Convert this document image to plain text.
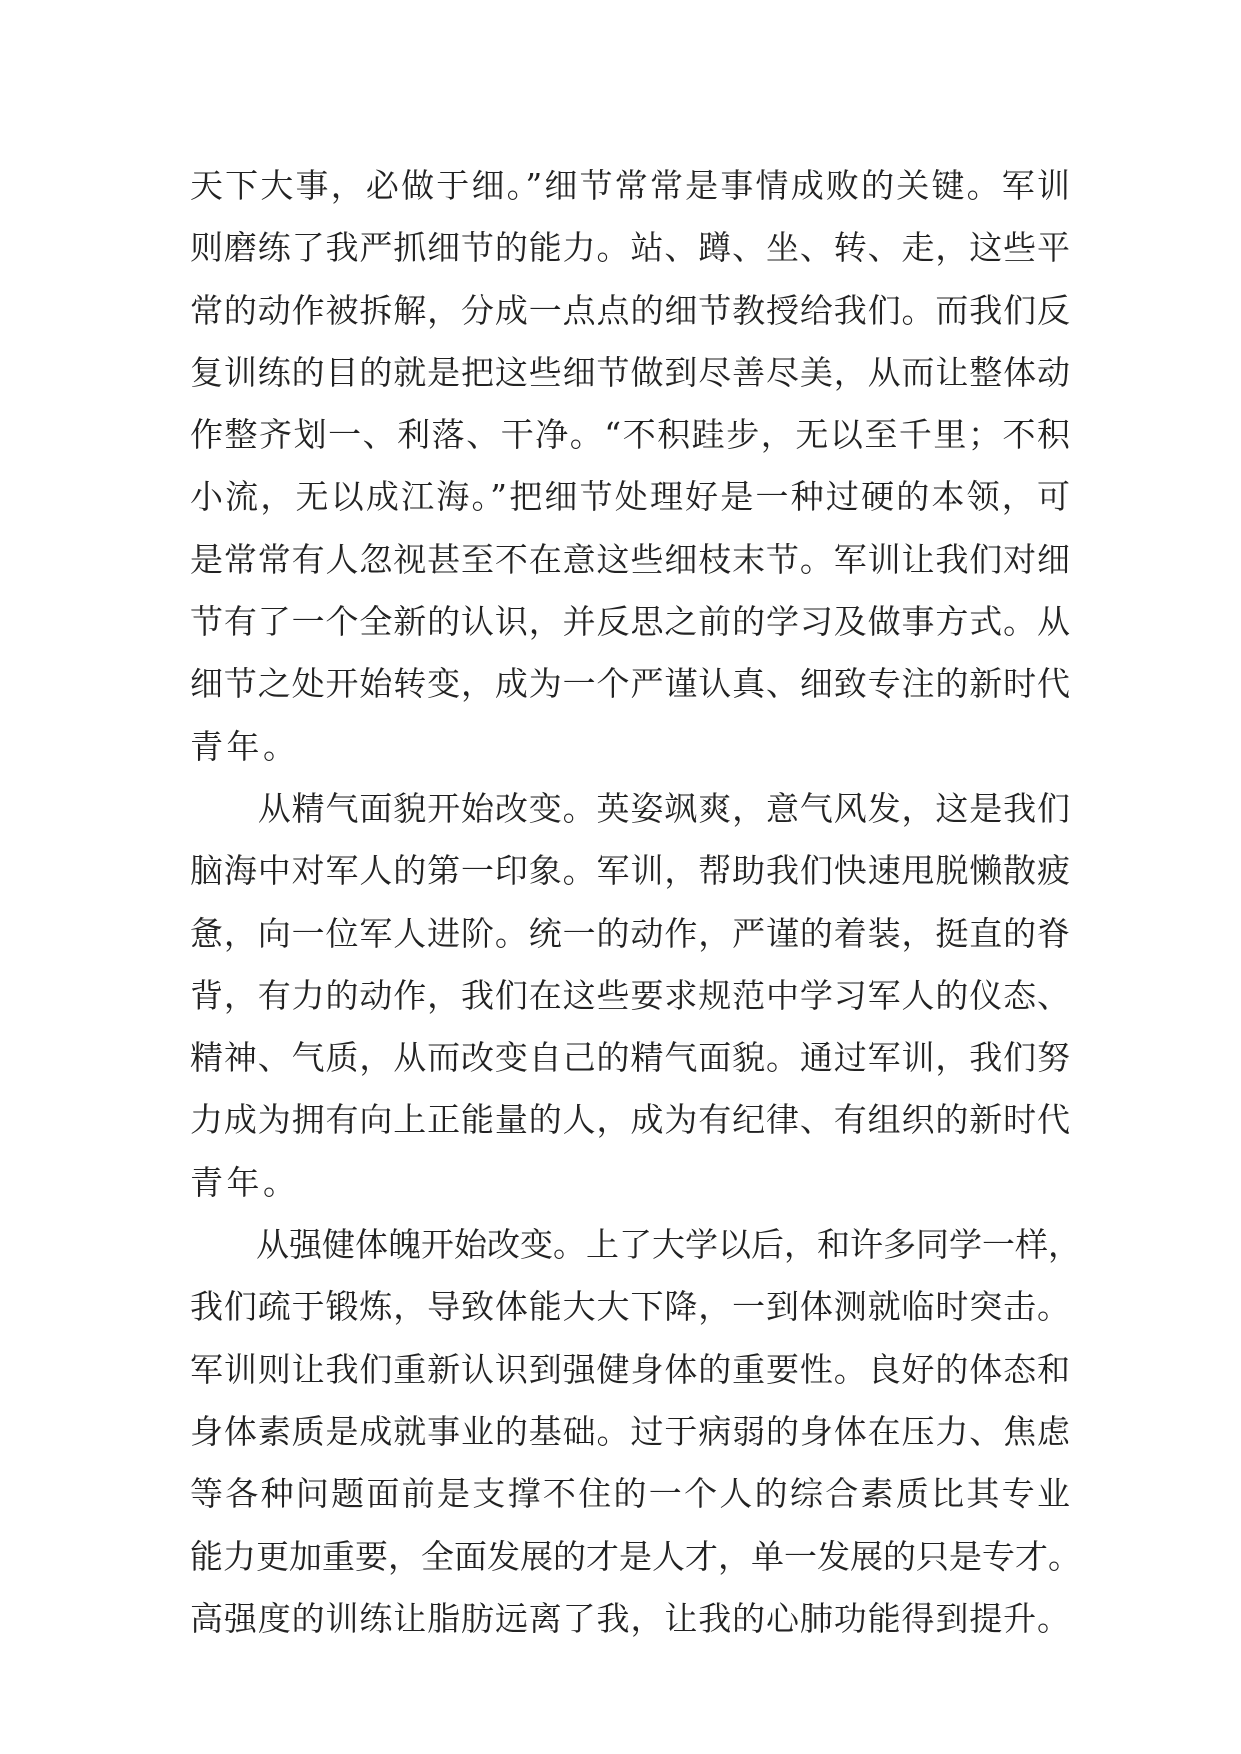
天下大事，必做于细。”细节常常是事情成败的关键。军训
则磨练了我严抓细节的能力。站、蹲、坐、转、走，这些平
常的动作被拆解，分成一点点的细节教授给我们。而我们反
复训练的目的就是把这些细节做到尽善尽美，从而让整体动
作整齐划一、利落、干净。“不积跬步，无以至千里；不积
小流，无以成江海。”把细节处理好是一种过硬的本领，可
是常常有人忽视甚至不在意这些细枝末节。军训让我们对细
节有了一个全新的认识，并反思之前的学习及做事方式。从
细节之处开始转变，成为一个严谨认真、细致专注的新时代
青年。
　　从精气面貌开始改变。英姿飒爽，意气风发，这是我们
脑海中对军人的第一印象。军训，帮助我们快速甩脱懒散疲
惫，向一位军人进阶。统一的动作，严谨的着装，挺直的脊
背，有力的动作，我们在这些要求规范中学习军人的仪态、
精神、气质，从而改变自己的精气面貌。通过军训，我们努
力成为拥有向上正能量的人，成为有纪律、有组织的新时代
青年。
　　从强健体魄开始改变。上了大学以后，和许多同学一样，
我们疏于锻炼，导致体能大大下降，一到体测就临时突击。
军训则让我们重新认识到强健身体的重要性。良好的体态和
身体素质是成就事业的基础。过于病弱的身体在压力、焦虑
等各种问题面前是支撑不住的一个人的综合素质比其专业
能力更加重要，全面发展的才是人才，单一发展的只是专才。
高强度的训练让脂肪远离了我，让我的心肺功能得到提升。
